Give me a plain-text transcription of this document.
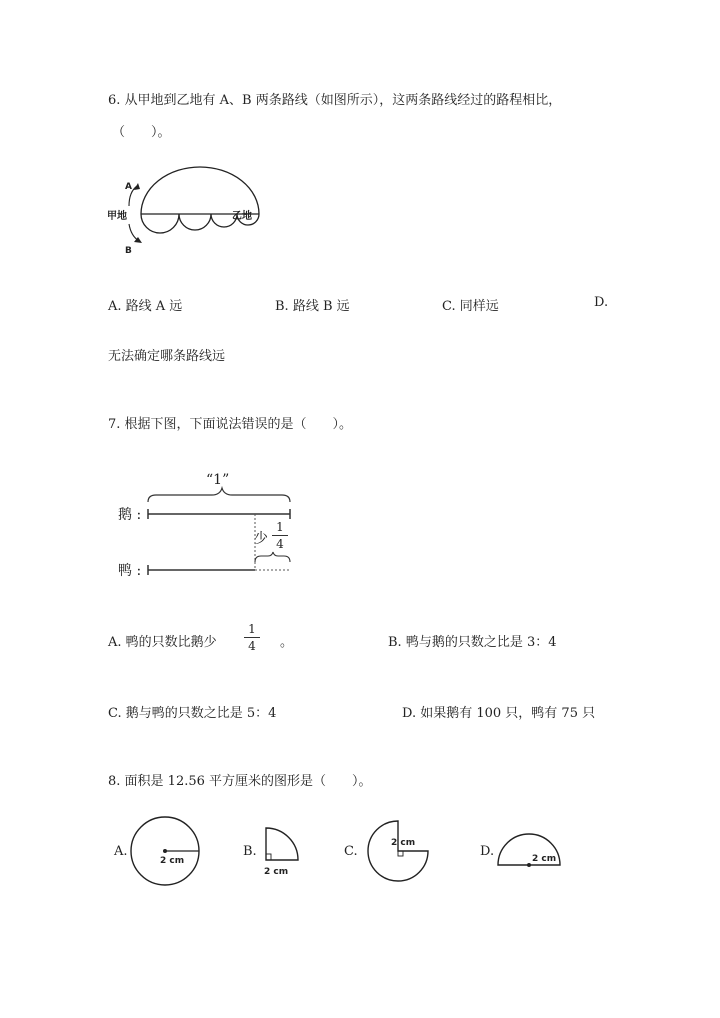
6. 从甲地到乙地有 A、B 两条路线（如图所示），这两条路线经过的路程相比，
（　　）。
A
B
甲地	乙地
A. 路线 A 远	B. 路线 B 远	C. 同样远	D.
无法确定哪条路线远
7. 根据下图，下面说法错误的是（　　）。
“1”
鹅 :
鸭 :
少
1
4
A. 鸭的只数比鹅少
1
4	。	B. 鸭与鹅的只数之比是 3：4
C. 鹅与鸭的只数之比是 5：4	D. 如果鹅有 100 只，鸭有 75 只
8. 面积是 12.56 平方厘米的图形是（　　）。
A.
2 cm
B.
2 cm
C.
2 cm
D.	2 cm
